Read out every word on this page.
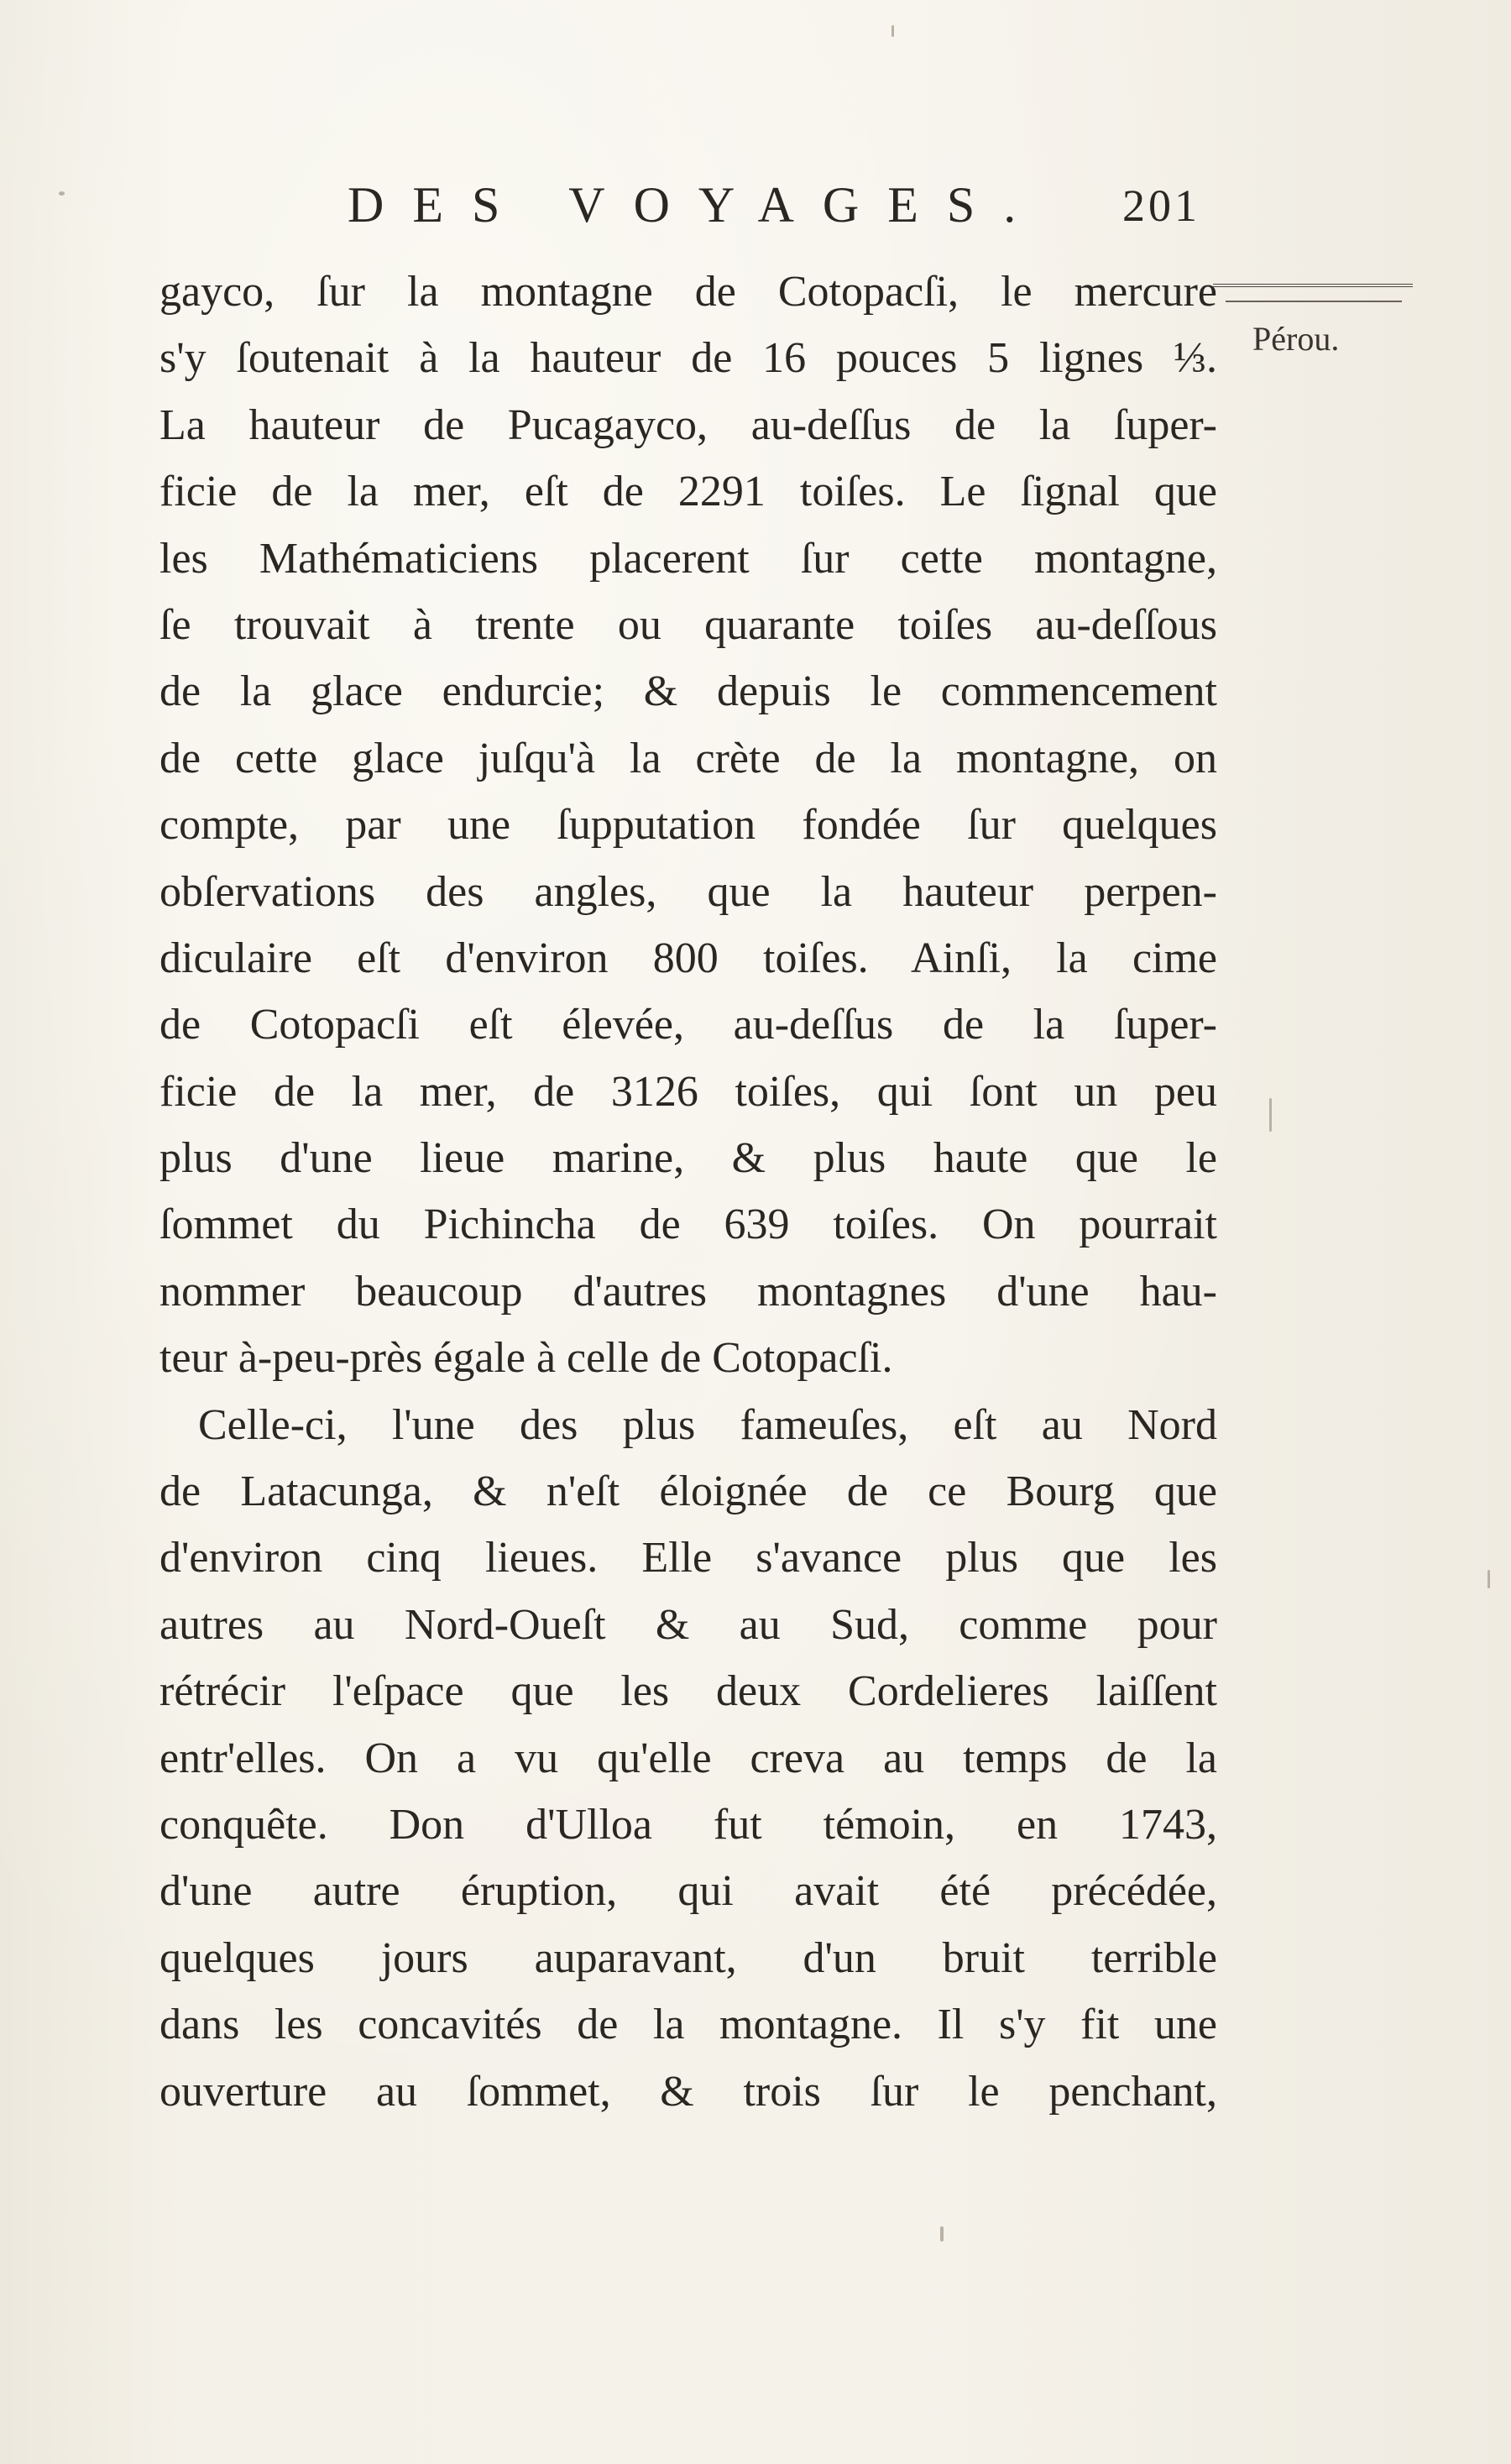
DES VOYAGES. 201
Pérou.
gayco, ſur la montagne de Cotopacſi, le mercure
s'y ſoutenait à la hauteur de 16 pouces 5 lignes ⅓.
La hauteur de Pucagayco, au-deſſus de la ſuper-
ficie de la mer, eſt de 2291 toiſes. Le ſignal que
les Mathématiciens placerent ſur cette montagne,
ſe trouvait à trente ou quarante toiſes au-deſſous
de la glace endurcie; & depuis le commencement
de cette glace juſqu'à la crète de la montagne, on
compte, par une ſupputation fondée ſur quelques
obſervations des angles, que la hauteur perpen-
diculaire eſt d'environ 800 toiſes. Ainſi, la cime
de Cotopacſi eſt élevée, au-deſſus de la ſuper-
ficie de la mer, de 3126 toiſes, qui ſont un peu
plus d'une lieue marine, & plus haute que le
ſommet du Pichincha de 639 toiſes. On pourrait
nommer beaucoup d'autres montagnes d'une hau-
teur à-peu-près égale à celle de Cotopacſi.
Celle-ci, l'une des plus fameuſes, eſt au Nord
de Latacunga, & n'eſt éloignée de ce Bourg que
d'environ cinq lieues. Elle s'avance plus que les
autres au Nord-Oueſt & au Sud, comme pour
rétrécir l'eſpace que les deux Cordelieres laiſſent
entr'elles. On a vu qu'elle creva au temps de la
conquête. Don d'Ulloa fut témoin, en 1743,
d'une autre éruption, qui avait été précédée,
quelques jours auparavant, d'un bruit terrible
dans les concavités de la montagne. Il s'y fit une
ouverture au ſommet, & trois ſur le penchant,
